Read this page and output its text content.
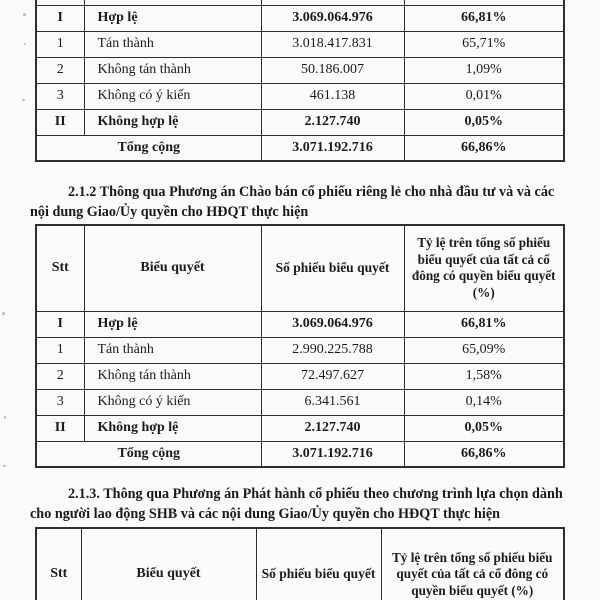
I	Hợp lệ	3.069.064.976	66,81%
1	Tán thành	3.018.417.831	65,71%
2	Không tán thành	50.186.007	1,09%
3	Không có ý kiến	461.138	0,01%
II	Không hợp lệ	2.127.740	0,05%
Tổng cộng		3.071.192.716	66,86%
2.1.2 Thông qua Phương án Chào bán cổ phiếu riêng lẻ cho nhà đầu tư và và các
nội dung Giao/Ủy quyền cho HĐQT thực hiện
Stt	Biểu quyết	Số phiếu biểu quyết	Tỷ lệ trên tổng số phiếu biểu quyết của tất cả cổ đông có quyền biểu quyết (%)
I	Hợp lệ	3.069.064.976	66,81%
1	Tán thành	2.990.225.788	65,09%
2	Không tán thành	72.497.627	1,58%
3	Không có ý kiến	6.341.561	0,14%
II	Không hợp lệ	2.127.740	0,05%
Tổng cộng		3.071.192.716	66,86%
2.1.3. Thông qua Phương án Phát hành cổ phiếu theo chương trình lựa chọn dành
cho người lao động SHB và các nội dung Giao/Ủy quyền cho HĐQT thực hiện
Stt	Biểu quyết	Số phiếu biểu quyết	Tỷ lệ trên tổng số phiếu biểu quyết của tất cả cổ đông có quyền biểu quyết (%)
